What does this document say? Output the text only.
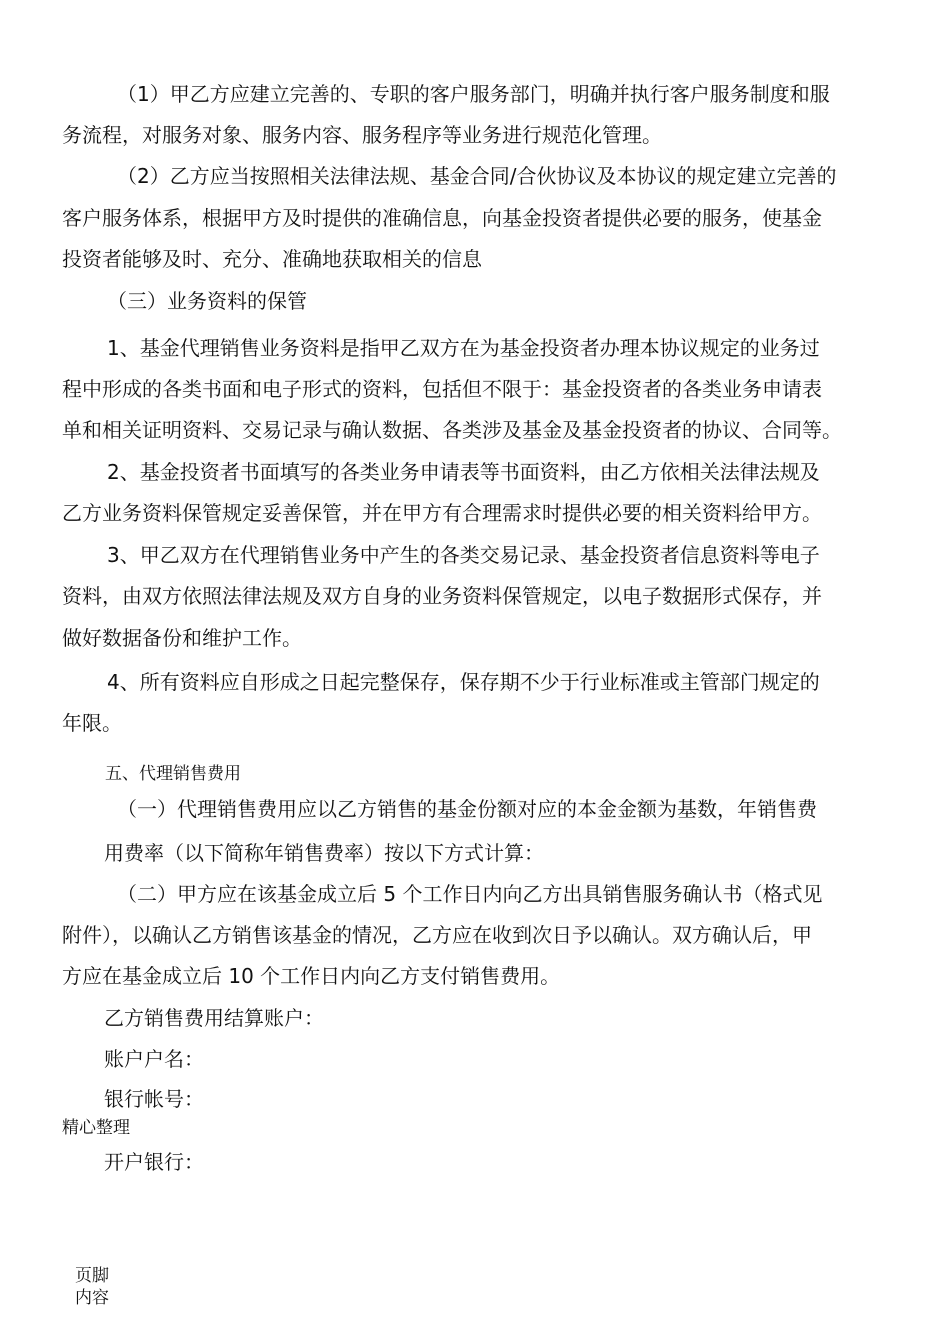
（1）甲乙方应建立完善的、专职的客户服务部门，明确并执行客户服务制度和服
务流程，对服务对象、服务内容、服务程序等业务进行规范化管理。
（2）乙方应当按照相关法律法规、基金合同/合伙协议及本协议的规定建立完善的
客户服务体系，根据甲方及时提供的准确信息，向基金投资者提供必要的服务，使基金
投资者能够及时、充分、准确地获取相关的信息
（三）业务资料的保管
1、基金代理销售业务资料是指甲乙双方在为基金投资者办理本协议规定的业务过
程中形成的各类书面和电子形式的资料，包括但不限于：基金投资者的各类业务申请表
单和相关证明资料、交易记录与确认数据、各类涉及基金及基金投资者的协议、合同等。
2、基金投资者书面填写的各类业务申请表等书面资料，由乙方依相关法律法规及
乙方业务资料保管规定妥善保管，并在甲方有合理需求时提供必要的相关资料给甲方。
3、甲乙双方在代理销售业务中产生的各类交易记录、基金投资者信息资料等电子
资料，由双方依照法律法规及双方自身的业务资料保管规定，以电子数据形式保存，并
做好数据备份和维护工作。
4、所有资料应自形成之日起完整保存，保存期不少于行业标准或主管部门规定的
年限。
五、代理销售费用
（一）代理销售费用应以乙方销售的基金份额对应的本金金额为基数，年销售费
用费率（以下简称年销售费率）按以下方式计算：
（二）甲方应在该基金成立后 5 个工作日内向乙方出具销售服务确认书（格式见
附件），以确认乙方销售该基金的情况，乙方应在收到次日予以确认。双方确认后，甲
方应在基金成立后 10 个工作日内向乙方支付销售费用。
乙方销售费用结算账户：
账户户名：
银行帐号：
精心整理
开户银行：
页脚
内容
